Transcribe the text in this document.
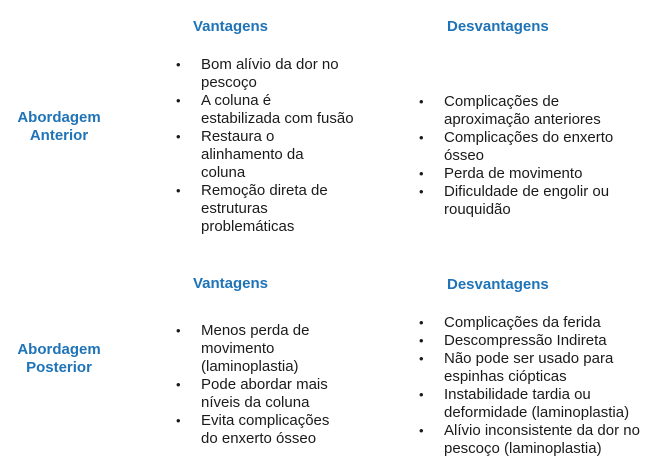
Vantagens	Desvantagens
Abordagem
Anterior
• Bom alívio da dor no pescoço
• A coluna é estabilizada com fusão
• Restaura o alinhamento da coluna
• Remoção direta de estruturas problemáticas
• Complicações de aproximação anteriores
• Complicações do enxerto ósseo
• Perda de movimento
• Dificuldade de engolir ou rouquidão
Vantagens	Desvantagens
Abordagem
Posterior
• Menos perda de movimento (laminoplastia)
• Pode abordar mais níveis da coluna
• Evita complicações do enxerto ósseo
• Complicações da ferida
• Descompressão Indireta
• Não pode ser usado para espinhas ciópticas
• Instabilidade tardia ou deformidade (laminoplastia)
• Alívio inconsistente da dor no pescoço (laminoplastia)
